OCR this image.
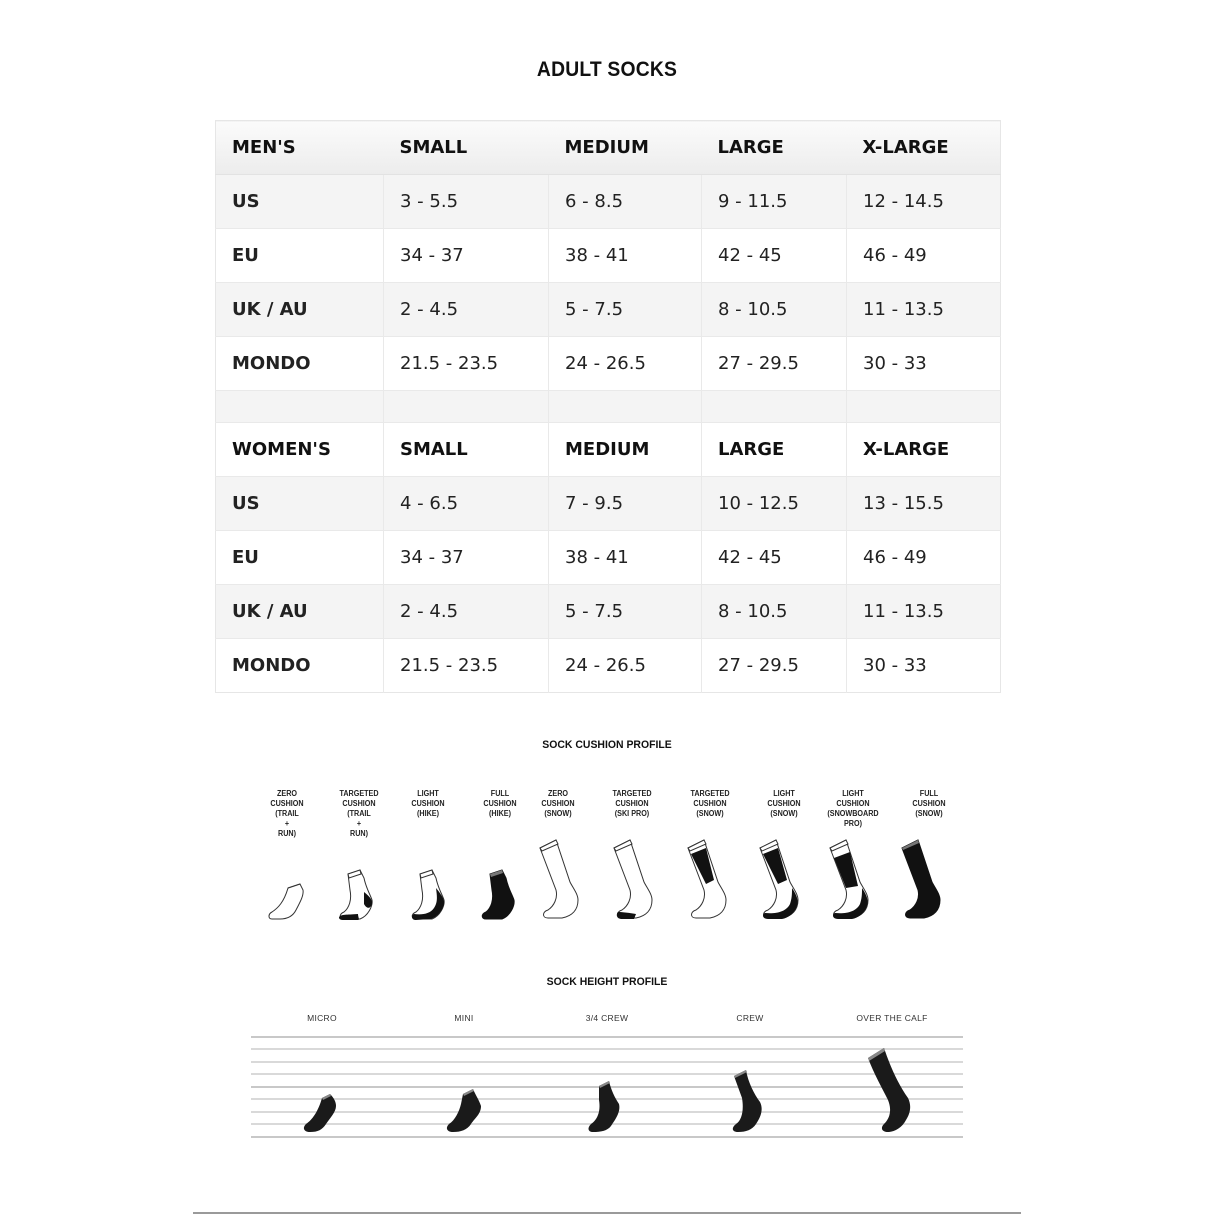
ADULT SOCKS
MEN'S	SMALL	MEDIUM	LARGE	X-LARGE
US	3 - 5.5	6 - 8.5	9 - 11.5	12 - 14.5
EU	34 - 37	38 - 41	42 - 45	46 - 49
UK / AU	2 - 4.5	5 - 7.5	8 - 10.5	11 - 13.5
MONDO	21.5 - 23.5	24 - 26.5	27 - 29.5	30 - 33

WOMEN'S	SMALL	MEDIUM	LARGE	X-LARGE
US	4 - 6.5	7 - 9.5	10 - 12.5	13 - 15.5
EU	34 - 37	38 - 41	42 - 45	46 - 49
UK / AU	2 - 4.5	5 - 7.5	8 - 10.5	11 - 13.5
MONDO	21.5 - 23.5	24 - 26.5	27 - 29.5	30 - 33
SOCK CUSHION PROFILE
ZERO
CUSHION
(TRAIL
+
RUN)
TARGETED
CUSHION
(TRAIL
+
RUN)
LIGHT
CUSHION
(HIKE)
FULL
CUSHION
(HIKE)
ZERO
CUSHION
(SNOW)
TARGETED
CUSHION
(SKI PRO)
TARGETED
CUSHION
(SNOW)
LIGHT
CUSHION
(SNOW)
LIGHT
CUSHION
(SNOWBOARD
PRO)
FULL
CUSHION
(SNOW)
SOCK HEIGHT PROFILE
MICRO	MINI	3/4 CREW	CREW	OVER THE CALF
